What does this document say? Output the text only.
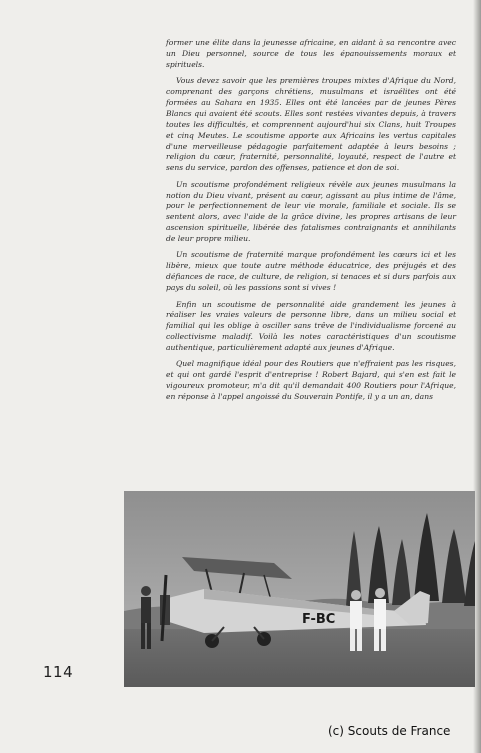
former une élite dans la jeunesse africaine, en aidant à sa rencontre avec un Dieu personnel, source de tous les épanouissements moraux et spirituels.

Vous devez savoir que les premières troupes mixtes d'Afrique du Nord, comprenant des garçons chrétiens, musulmans et israélites ont été formées au Sahara en 1935. Elles ont été lancées par de jeunes Pères Blancs qui avaient été scouts. Elles sont restées vivantes depuis, à travers toutes les difficultés, et comprennent aujourd'hui six Clans, huit Troupes et cinq Meutes. Le scoutisme apporte aux Africains les vertus capitales d'une merveilleuse pédagogie parfaitement adaptée à leurs besoins ; religion du cœur, fraternité, personnalité, loyauté, respect de l'autre et sens du service, pardon des offenses, patience et don de soi.

Un scoutisme profondément religieux révèle aux jeunes musulmans la notion du Dieu vivant, présent au cœur, agissant au plus intime de l'âme, pour le perfectionnement de leur vie morale, familiale et sociale. Ils se sentent alors, avec l'aide de la grâce divine, les propres artisans de leur ascension spirituelle, libérée des fatalismes contraignants et annihilants de leur propre milieu.

Un scoutisme de fraternité marque profondément les cœurs ici et les libère, mieux que toute autre méthode éducatrice, des préjugés et des défiances de race, de culture, de religion, si tenaces et si durs parfois aux pays du soleil, où les passions sont si vives !

Enfin un scoutisme de personnalité aide grandement les jeunes à réaliser les vraies valeurs de personne libre, dans un milieu social et familial qui les oblige à osciller sans trêve de l'individualisme forcené au collectivisme maladif. Voilà les notes caractéristiques d'un scoutisme authentique, particulièrement adapté aux jeunes d'Afrique.

Quel magnifique idéal pour des Routiers que n'effraient pas les risques, et qui ont gardé l'esprit d'entreprise ! Robert Bajard, qui s'en est fait le vigoureux promoteur, m'a dit qu'il demandait 400 Routiers pour l'Afrique, en réponse à l'appel angoissé du Souverain Pontife, il y a un an, dans

F-BC
114
(c) Scouts de France
